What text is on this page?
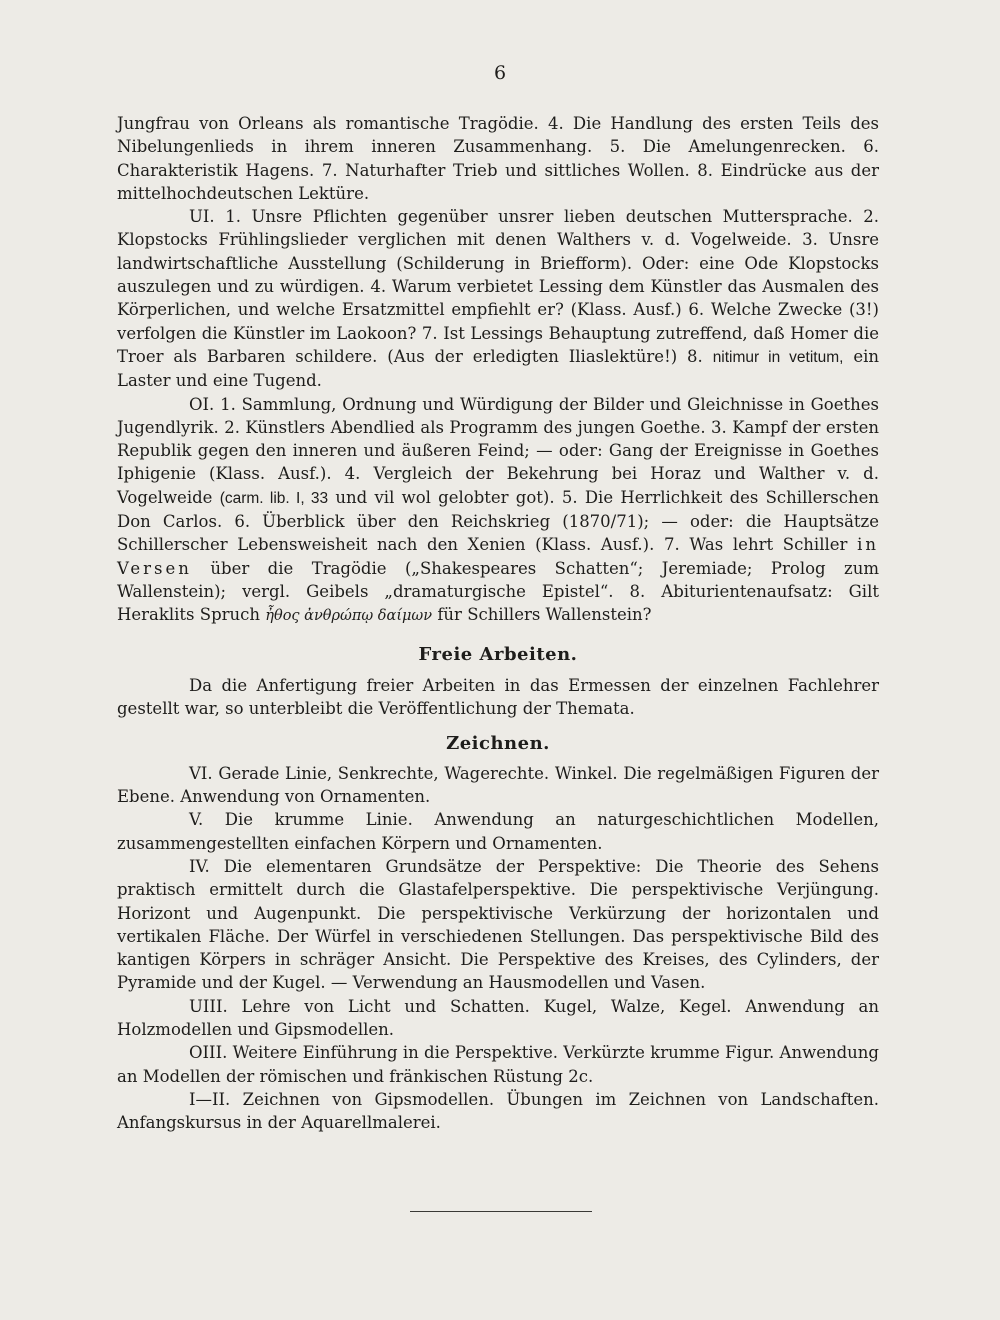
6

Jungfrau von Orleans als romantische Tragödie. 4. Die Handlung des ersten Teils des Nibelungenlieds in ihrem inneren Zusammenhang. 5. Die Amelungenrecken. 6. Charakteristik Hagens. 7. Naturhafter Trieb und sittliches Wollen. 8. Eindrücke aus der mittelhochdeutschen Lektüre.

UI. 1. Unsre Pflichten gegenüber unsrer lieben deutschen Muttersprache. 2. Klopstocks Frühlingslieder verglichen mit denen Walthers v. d. Vogelweide. 3. Unsre landwirtschaftliche Ausstellung (Schilderung in Briefform). Oder: eine Ode Klopstocks auszulegen und zu würdigen. 4. Warum verbietet Lessing dem Künstler das Ausmalen des Körperlichen, und welche Ersatzmittel empfiehlt er? (Klass. Ausf.) 6. Welche Zwecke (3!) verfolgen die Künstler im Laokoon? 7. Ist Lessings Behauptung zutreffend, daß Homer die Troer als Barbaren schildere. (Aus der erledigten Iliaslektüre!) 8. nitimur in vetitum, ein Laster und eine Tugend.

OI. 1. Sammlung, Ordnung und Würdigung der Bilder und Gleichnisse in Goethes Jugendlyrik. 2. Künstlers Abendlied als Programm des jungen Goethe. 3. Kampf der ersten Republik gegen den inneren und äußeren Feind; — oder: Gang der Ereignisse in Goethes Iphigenie (Klass. Ausf.). 4. Vergleich der Bekehrung bei Horaz und Walther v. d. Vogelweide (carm. lib. I, 33 und vil wol gelobter got). 5. Die Herrlichkeit des Schillerschen Don Carlos. 6. Überblick über den Reichskrieg (1870/71); — oder: die Hauptsätze Schillerscher Lebensweisheit nach den Xenien (Klass. Ausf.). 7. Was lehrt Schiller in Versen über die Tragödie („Shakespeares Schatten“; Jeremiade; Prolog zum Wallenstein); vergl. Geibels „dramaturgische Epistel“. 8. Abiturientenaufsatz: Gilt Heraklits Spruch ἦθος ἀνθρώπῳ δαίμων für Schillers Wallenstein?

Freie Arbeiten.

Da die Anfertigung freier Arbeiten in das Ermessen der einzelnen Fachlehrer gestellt war, so unterbleibt die Veröffentlichung der Themata.

Zeichnen.

VI. Gerade Linie, Senkrechte, Wagerechte. Winkel. Die regelmäßigen Figuren der Ebene. Anwendung von Ornamenten.

V. Die krumme Linie. Anwendung an naturgeschichtlichen Modellen, zusammengestellten einfachen Körpern und Ornamenten.

IV. Die elementaren Grundsätze der Perspektive: Die Theorie des Sehens praktisch ermittelt durch die Glastafelperspektive. Die perspektivische Verjüngung. Horizont und Augenpunkt. Die perspektivische Verkürzung der horizontalen und vertikalen Fläche. Der Würfel in verschiedenen Stellungen. Das perspektivische Bild des kantigen Körpers in schräger Ansicht. Die Perspektive des Kreises, des Cylinders, der Pyramide und der Kugel. — Verwendung an Hausmodellen und Vasen.

UIII. Lehre von Licht und Schatten. Kugel, Walze, Kegel. Anwendung an Holzmodellen und Gipsmodellen.

OIII. Weitere Einführung in die Perspektive. Verkürzte krumme Figur. Anwendung an Modellen der römischen und fränkischen Rüstung 2c.

I—II. Zeichnen von Gipsmodellen. Übungen im Zeichnen von Landschaften. Anfangskursus in der Aquarellmalerei.
